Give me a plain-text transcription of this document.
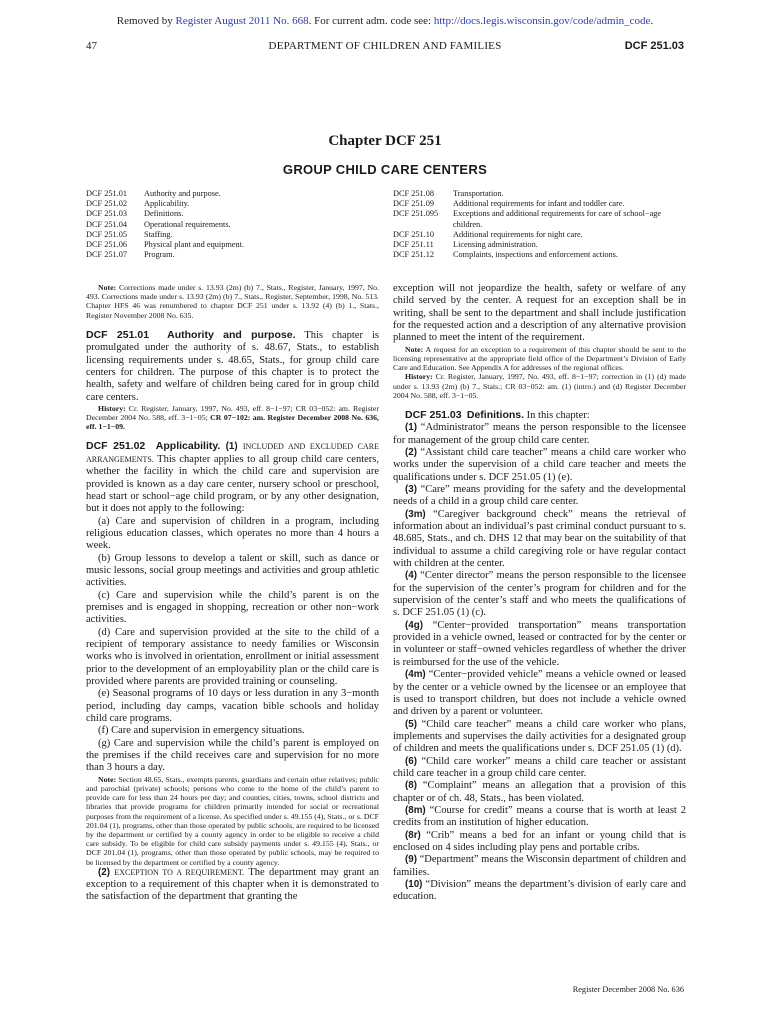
Removed by Register August 2011 No. 668. For current adm. code see: http://docs.legis.wisconsin.gov/code/admin_code.
47	DEPARTMENT OF CHILDREN AND FAMILIES	DCF 251.03
Chapter DCF 251
GROUP CHILD CARE CENTERS
DCF 251.01	Authority and purpose.
DCF 251.02	Applicability.
DCF 251.03	Definitions.
DCF 251.04	Operational requirements.
DCF 251.05	Staffing.
DCF 251.06	Physical plant and equipment.
DCF 251.07	Program.
DCF 251.08	Transportation.
DCF 251.09	Additional requirements for infant and toddler care.
DCF 251.095	Exceptions and additional requirements for care of school−age children.
DCF 251.10	Additional requirements for night care.
DCF 251.11	Licensing administration.
DCF 251.12	Complaints, inspections and enforcement actions.

Note: Corrections made under s. 13.93 (2m) (b) 7., Stats., Register, January, 1997, No. 493. Corrections made under s. 13.93 (2m) (b) 7., Stats., Register, September, 1998, No. 513. Chapter HFS 46 was renumbered to chapter DCF 251 under s. 13.92 (4) (b) 1., Stats., Register November 2008 No. 635.

DCF 251.01 Authority and purpose. This chapter is promulgated under the authority of s. 48.67, Stats., to establish licensing requirements under s. 48.65, Stats., for group child care centers for children. The purpose of this chapter is to protect the health, safety and welfare of children being cared for in group child care centers.

History: Cr. Register, January, 1997, No. 493, eff. 8−1−97; CR 03−052: am. Register December 2004 No. 588, eff. 3−1−05; CR 07−102: am. Register December 2008 No. 636, eff. 1−1−09.

DCF 251.02 Applicability. (1) INCLUDED AND EXCLUDED CARE ARRANGEMENTS. This chapter applies to all group child care centers, whether the facility in which the child care and supervision are provided is known as a day care center, nursery school or preschool, head start or school−age child program, or by any other designation, but it does not apply to the following:

(a) Care and supervision of children in a program, including religious education classes, which operates no more than 4 hours a week.

(b) Group lessons to develop a talent or skill, such as dance or music lessons, social group meetings and activities and group athletic activities.

(c) Care and supervision while the child’s parent is on the premises and is engaged in shopping, recreation or other non−work activities.

(d) Care and supervision provided at the site to the child of a recipient of temporary assistance to needy families or Wisconsin works who is involved in orientation, enrollment or initial assessment prior to the development of an employability plan or the child care is provided where parents are provided training or counseling.

(e) Seasonal programs of 10 days or less duration in any 3−month period, including day camps, vacation bible schools and holiday child care programs.

(f) Care and supervision in emergency situations.

(g) Care and supervision while the child’s parent is employed on the premises if the child receives care and supervision for no more than 3 hours a day.

Note: Section 48.65, Stats., exempts parents, guardians and certain other relatives; public and parochial (private) schools; persons who come to the home of the child’s parent to provide care for less than 24 hours per day; and counties, cities, towns, school districts and libraries that provide programs for children primarily intended for social or recreational purposes from the requirement of a license. As specified under s. 49.155 (4), Stats., or s. DCF 201.04 (1), programs, other than those operated by public schools, are required to be licensed by the department or certified by a county agency in order to be eligible to receive a child care subsidy. To be eligible for child care subsidy payments under s. 49.155 (4), Stats., or DCF 201.04 (1), programs, other than those operated by public schools, may be required to be licensed by the department or certified by a county agency.

(2) EXCEPTION TO A REQUIREMENT. The department may grant an exception to a requirement of this chapter when it is demonstrated to the satisfaction of the department that granting the

exception will not jeopardize the health, safety or welfare of any child served by the center. A request for an exception shall be in writing, shall be sent to the department and shall include justification for the requested action and a description of any alternative provision planned to meet the intent of the requirement.

Note: A request for an exception to a requirement of this chapter should be sent to the licensing representative at the appropriate field office of the Department’s Division of Early Care and Education. See Appendix A for addresses of the regional offices.

History: Cr. Register, January, 1997, No. 493, eff. 8−1−97; correction in (1) (d) made under s. 13.93 (2m) (b) 7., Stats.; CR 03−052: am. (1) (intro.) and (d) Register December 2004 No. 588, eff. 3−1−05.

DCF 251.03 Definitions. In this chapter:

(1) “Administrator” means the person responsible to the licensee for management of the group child care center.

(2) “Assistant child care teacher” means a child care worker who works under the supervision of a child care teacher and meets the qualifications under s. DCF 251.05 (1) (e).

(3) “Care” means providing for the safety and the developmental needs of a child in a group child care center.

(3m) “Caregiver background check” means the retrieval of information about an individual’s past criminal conduct pursuant to s. 48.685, Stats., and ch. DHS 12 that may bear on the suitability of that individual to assume a child caregiving role or have regular contact with children at the center.

(4) “Center director” means the person responsible to the licensee for the supervision of the center’s program for children and for the supervision of the center’s staff and who meets the qualifications of s. DCF 251.05 (1) (c).

(4g) “Center−provided transportation” means transportation provided in a vehicle owned, leased or contracted for by the center or in volunteer or staff−owned vehicles regardless of whether the driver is reimbursed for the use of the vehicle.

(4m) “Center−provided vehicle” means a vehicle owned or leased by the center or a vehicle owned by the licensee or an employee that is used to transport children, but does not include a vehicle owned and driven by a parent or volunteer.

(5) “Child care teacher” means a child care worker who plans, implements and supervises the daily activities for a designated group of children and meets the qualifications under s. DCF 251.05 (1) (d).

(6) “Child care worker” means a child care teacher or assistant child care teacher in a group child care center.

(8) “Complaint” means an allegation that a provision of this chapter or of ch. 48, Stats., has been violated.

(8m) “Course for credit” means a course that is worth at least 2 credits from an institution of higher education.

(8r) “Crib” means a bed for an infant or young child that is enclosed on 4 sides including play pens and portable cribs.

(9) “Department” means the Wisconsin department of children and families.

(10) “Division” means the department’s division of early care and education.

Register December 2008 No. 636
